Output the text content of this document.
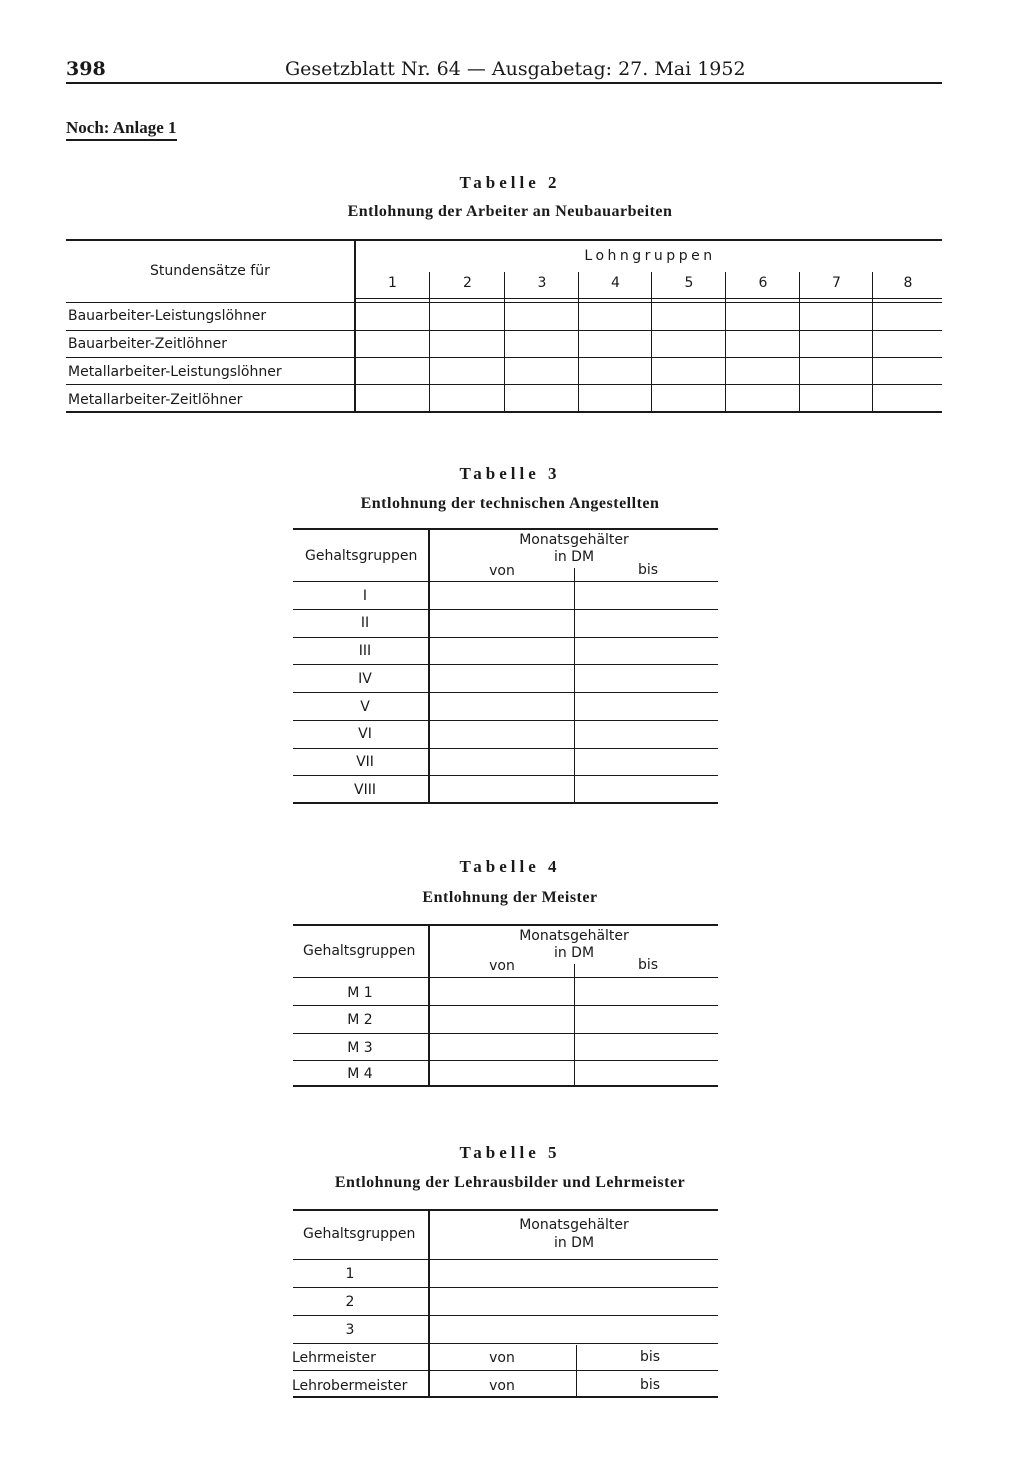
398	Gesetzblatt Nr. 64 — Ausgabetag: 27. Mai 1952
Noch: Anlage 1
Tabelle 2
Entlohnung der Arbeiter an Neubauarbeiten
Stundensätze für
Lohngruppen
1	2	3	4	5	6	7	8
Bauarbeiter-Leistungslöhner
Bauarbeiter-Zeitlöhner
Metallarbeiter-Leistungslöhner
Metallarbeiter-Zeitlöhner
Tabelle 3
Entlohnung der technischen Angestellten
Gehaltsgruppen
Monatsgehälter
in DM
von	bis
I
II
III
IV
V
VI
VII
VIII
Tabelle 4
Entlohnung der Meister
Gehaltsgruppen
Monatsgehälter
in DM
von	bis
M 1
M 2
M 3
M 4
Tabelle 5
Entlohnung der Lehrausbilder und Lehrmeister
Gehaltsgruppen
Monatsgehälter
in DM
1
2
3
Lehrmeister	von	bis
Lehrobermeister	von	bis
